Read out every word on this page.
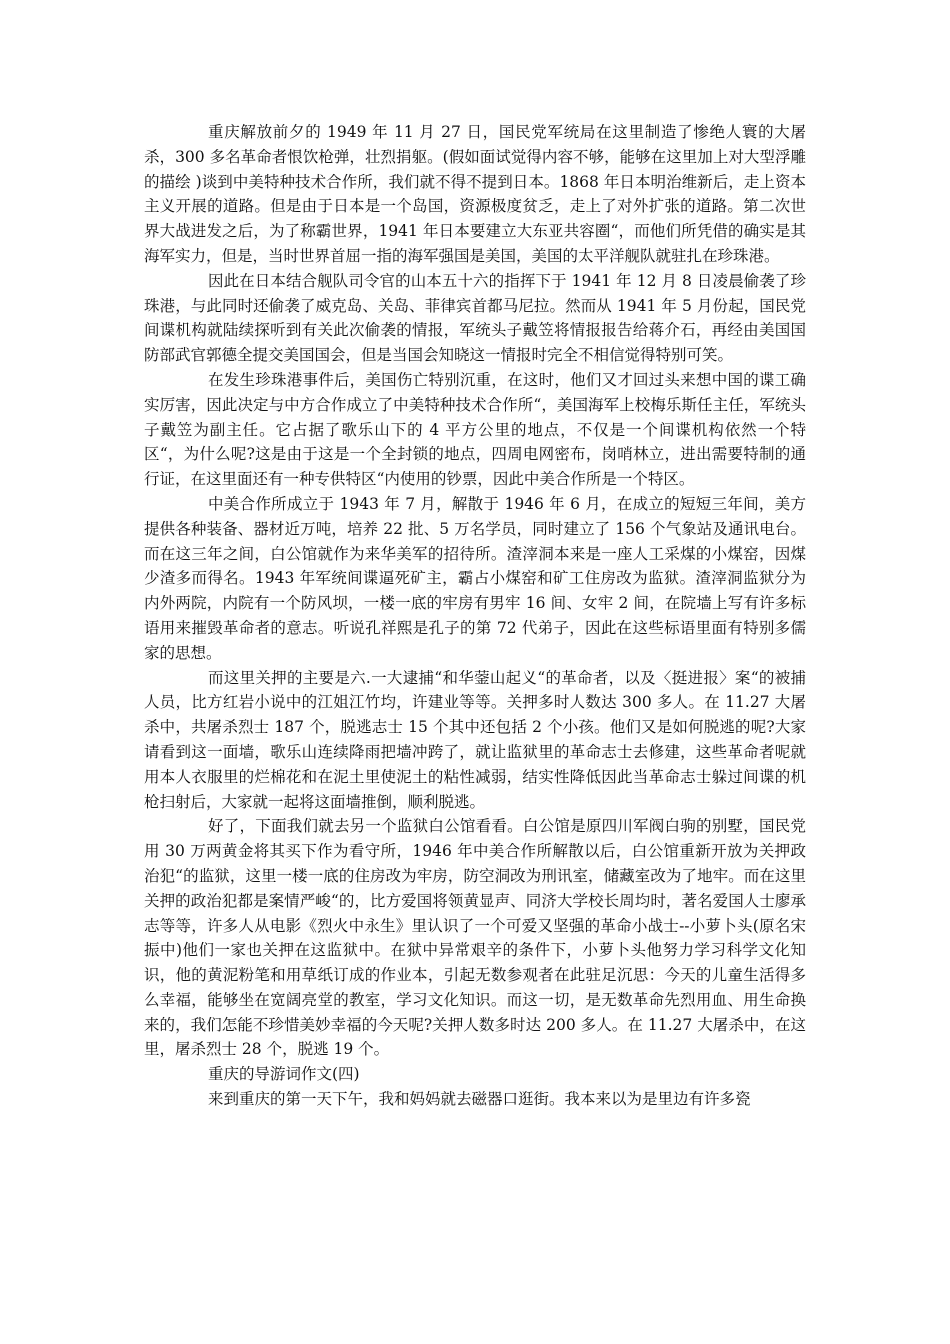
重庆解放前夕的 1949 年 11 月 27 日，国民党军统局在这里制造了惨绝人寰的大屠杀，300 多名革命者恨饮枪弹，壮烈捐躯。(假如面试觉得内容不够，能够在这里加上对大型浮雕的描绘 )谈到中美特种技术合作所，我们就不得不提到日本。1868 年日本明治维新后，走上资本主义开展的道路。但是由于日本是一个岛国，资源极度贫乏，走上了对外扩张的道路。第二次世界大战进发之后，为了称霸世界，1941 年日本要建立大东亚共容圈“，而他们所凭借的确实是其海军实力，但是，当时世界首屈一指的海军强国是美国，美国的太平洋舰队就驻扎在珍珠港。

因此在日本结合舰队司令官的山本五十六的指挥下于 1941 年 12 月 8 日凌晨偷袭了珍珠港，与此同时还偷袭了威克岛、关岛、菲律宾首都马尼拉。然而从 1941 年 5 月份起，国民党间谍机构就陆续探听到有关此次偷袭的情报，军统头子戴笠将情报报告给蒋介石，再经由美国国防部武官郭德全提交美国国会，但是当国会知晓这一情报时完全不相信觉得特别可笑。

在发生珍珠港事件后，美国伤亡特别沉重，在这时，他们又才回过头来想中国的谍工确实厉害，因此决定与中方合作成立了中美特种技术合作所“，美国海军上校梅乐斯任主任，军统头子戴笠为副主任。它占据了歌乐山下的 4 平方公里的地点，不仅是一个间谍机构依然一个特区“，为什么呢?这是由于这是一个全封锁的地点，四周电网密布，岗哨林立，进出需要特制的通行证，在这里面还有一种专供特区“内使用的钞票，因此中美合作所是一个特区。

中美合作所成立于 1943 年 7 月，解散于 1946 年 6 月，在成立的短短三年间，美方提供各种装备、器材近万吨，培养 22 批、5 万名学员，同时建立了 156 个气象站及通讯电台。而在这三年之间，白公馆就作为来华美军的招待所。渣滓洞本来是一座人工采煤的小煤窑，因煤少渣多而得名。1943 年军统间谍逼死矿主，霸占小煤窑和矿工住房改为监狱。渣滓洞监狱分为内外两院，内院有一个防风坝，一楼一底的牢房有男牢 16 间、女牢 2 间，在院墙上写有许多标语用来摧毁革命者的意志。听说孔祥熙是孔子的第 72 代弟子，因此在这些标语里面有特别多儒家的思想。

而这里关押的主要是六.一大逮捕“和华蓥山起义“的革命者，以及〈挺进报〉案“的被捕人员，比方红岩小说中的江姐江竹均，许建业等等。关押多时人数达 300 多人。在 11.27 大屠杀中，共屠杀烈士 187 个，脱逃志士 15 个其中还包括 2 个小孩。他们又是如何脱逃的呢?大家请看到这一面墙，歌乐山连续降雨把墙冲跨了，就让监狱里的革命志士去修建，这些革命者呢就用本人衣服里的烂棉花和在泥土里使泥土的粘性减弱，结实性降低因此当革命志士躲过间谍的机枪扫射后，大家就一起将这面墙推倒，顺利脱逃。

好了，下面我们就去另一个监狱白公馆看看。白公馆是原四川军阀白驹的别墅，国民党用 30 万两黄金将其买下作为看守所，1946 年中美合作所解散以后，白公馆重新开放为关押政治犯“的监狱，这里一楼一底的住房改为牢房，防空洞改为刑讯室，储藏室改为了地牢。而在这里关押的政治犯都是案情严峻“的，比方爱国将领黄显声、同济大学校长周均时，著名爱国人士廖承志等等，许多人从电影《烈火中永生》里认识了一个可爱又坚强的革命小战士--小萝卜头(原名宋振中)他们一家也关押在这监狱中。在狱中异常艰辛的条件下，小萝卜头他努力学习科学文化知识，他的黄泥粉笔和用草纸订成的作业本，引起无数参观者在此驻足沉思：今天的儿童生活得多么幸福，能够坐在宽阔亮堂的教室，学习文化知识。而这一切，是无数革命先烈用血、用生命换来的，我们怎能不珍惜美妙幸福的今天呢?关押人数多时达 200 多人。在 11.27 大屠杀中，在这里，屠杀烈士 28 个，脱逃 19 个。

重庆的导游词作文(四)

来到重庆的第一天下午，我和妈妈就去磁器口逛街。我本来以为是里边有许多瓷
